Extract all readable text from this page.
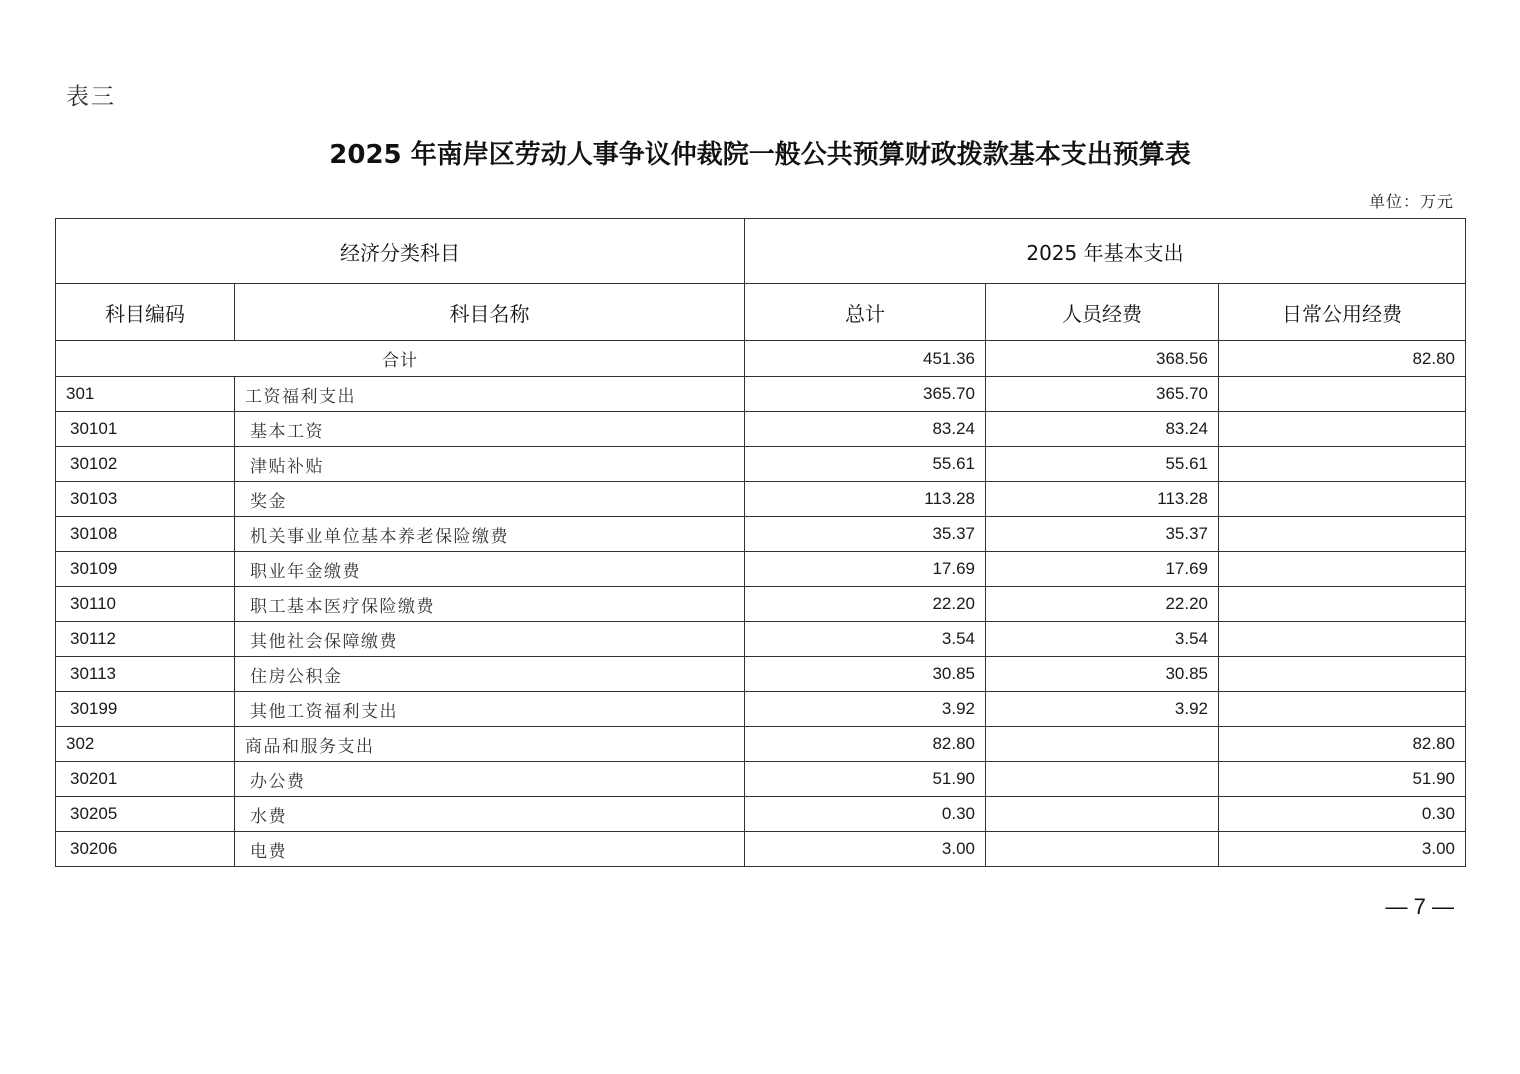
表三
2025 年南岸区劳动人事争议仲裁院一般公共预算财政拨款基本支出预算表
单位：万元
经济分类科目		2025 年基本支出		
科目编码	科目名称	总计	人员经费	日常公用经费
合计		451.36	368.56	82.80
301	工资福利支出	365.70	365.70	
30101	基本工资	83.24	83.24	
30102	津贴补贴	55.61	55.61	
30103	奖金	113.28	113.28	
30108	机关事业单位基本养老保险缴费	35.37	35.37	
30109	职业年金缴费	17.69	17.69	
30110	职工基本医疗保险缴费	22.20	22.20	
30112	其他社会保障缴费	3.54	3.54	
30113	住房公积金	30.85	30.85	
30199	其他工资福利支出	3.92	3.92	
302	商品和服务支出	82.80		82.80
30201	办公费	51.90		51.90
30205	水费	0.30		0.30
30206	电费	3.00		3.00
— 7 —
